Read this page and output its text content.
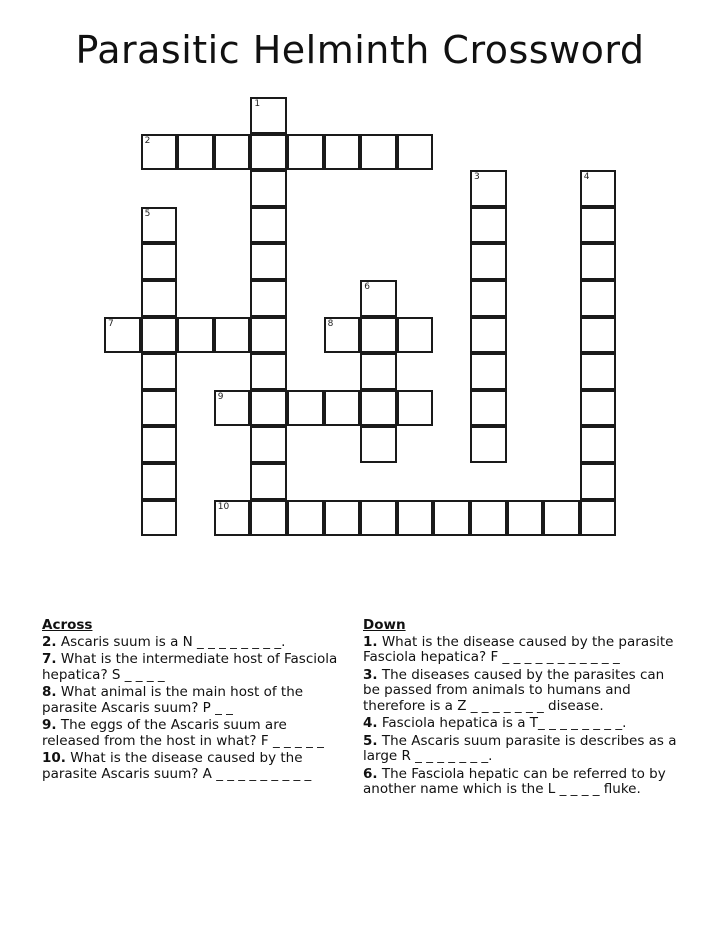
Parasitic Helminth Crossword
1
2
3	4
5
6
7	8
9
10
Across
2. Ascaris suum is a N _ _ _ _ _ _ _ _.
7. What is the intermediate host of Fasciola hepatica? S _ _ _ _
8. What animal is the main host of the parasite Ascaris suum? P _ _
9. The eggs of the Ascaris suum are released from the host in what? F _ _ _ _ _
10. What is the disease caused by the parasite Ascaris suum? A _ _ _ _ _ _ _ _ _
Down
1. What is the disease caused by the parasite Fasciola hepatica? F _ _ _ _ _ _ _ _ _ _ _
3. The diseases caused by the parasites can be passed from animals to humans and therefore is a Z _ _ _ _ _ _ _ disease.
4. Fasciola hepatica is a T_ _ _ _ _ _ _ _.
5. The Ascaris suum parasite is describes as a large R _ _ _ _ _ _ _.
6. The Fasciola hepatic can be referred to by another name which is the L _ _ _ _ fluke.
